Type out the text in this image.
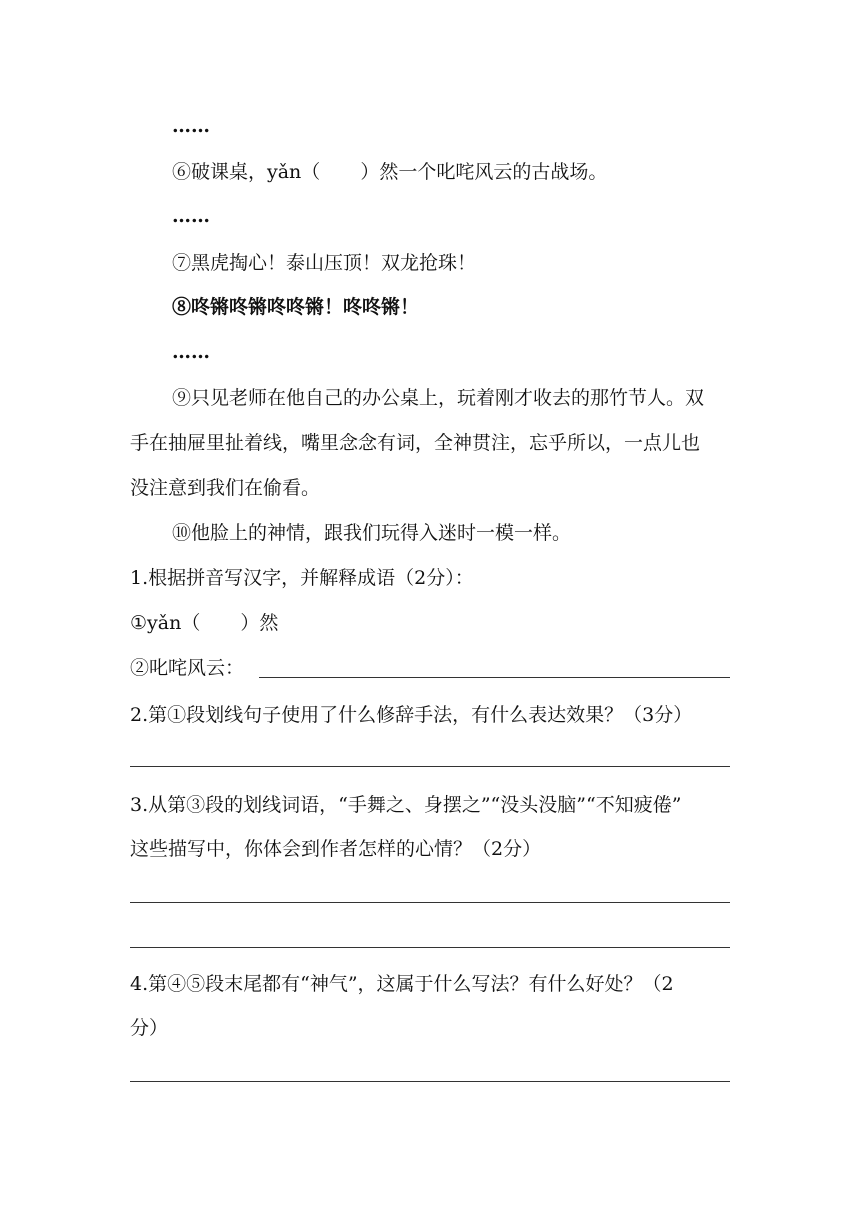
……
⑥破课桌，yǎn（ ）然一个叱咤风云的古战场。
……
⑦黑虎掏心！泰山压顶！双龙抢珠！
⑧咚锵咚锵咚咚锵！咚咚锵！
……
⑨只见老师在他自己的办公桌上，玩着刚才收去的那竹节人。双
手在抽屉里扯着线，嘴里念念有词，全神贯注，忘乎所以，一点儿也
没注意到我们在偷看。
⑩他脸上的神情，跟我们玩得入迷时一模一样。
1.根据拼音写汉字，并解释成语（2分）：
①yǎn（ ）然
②叱咤风云：
2.第①段划线句子使用了什么修辞手法，有什么表达效果？（3分）
3.从第③段的划线词语，“手舞之、身摆之”“没头没脑”“不知疲倦”
这些描写中，你体会到作者怎样的心情？（2分）
4.第④⑤段末尾都有“神气”，这属于什么写法？有什么好处？（2
分）
